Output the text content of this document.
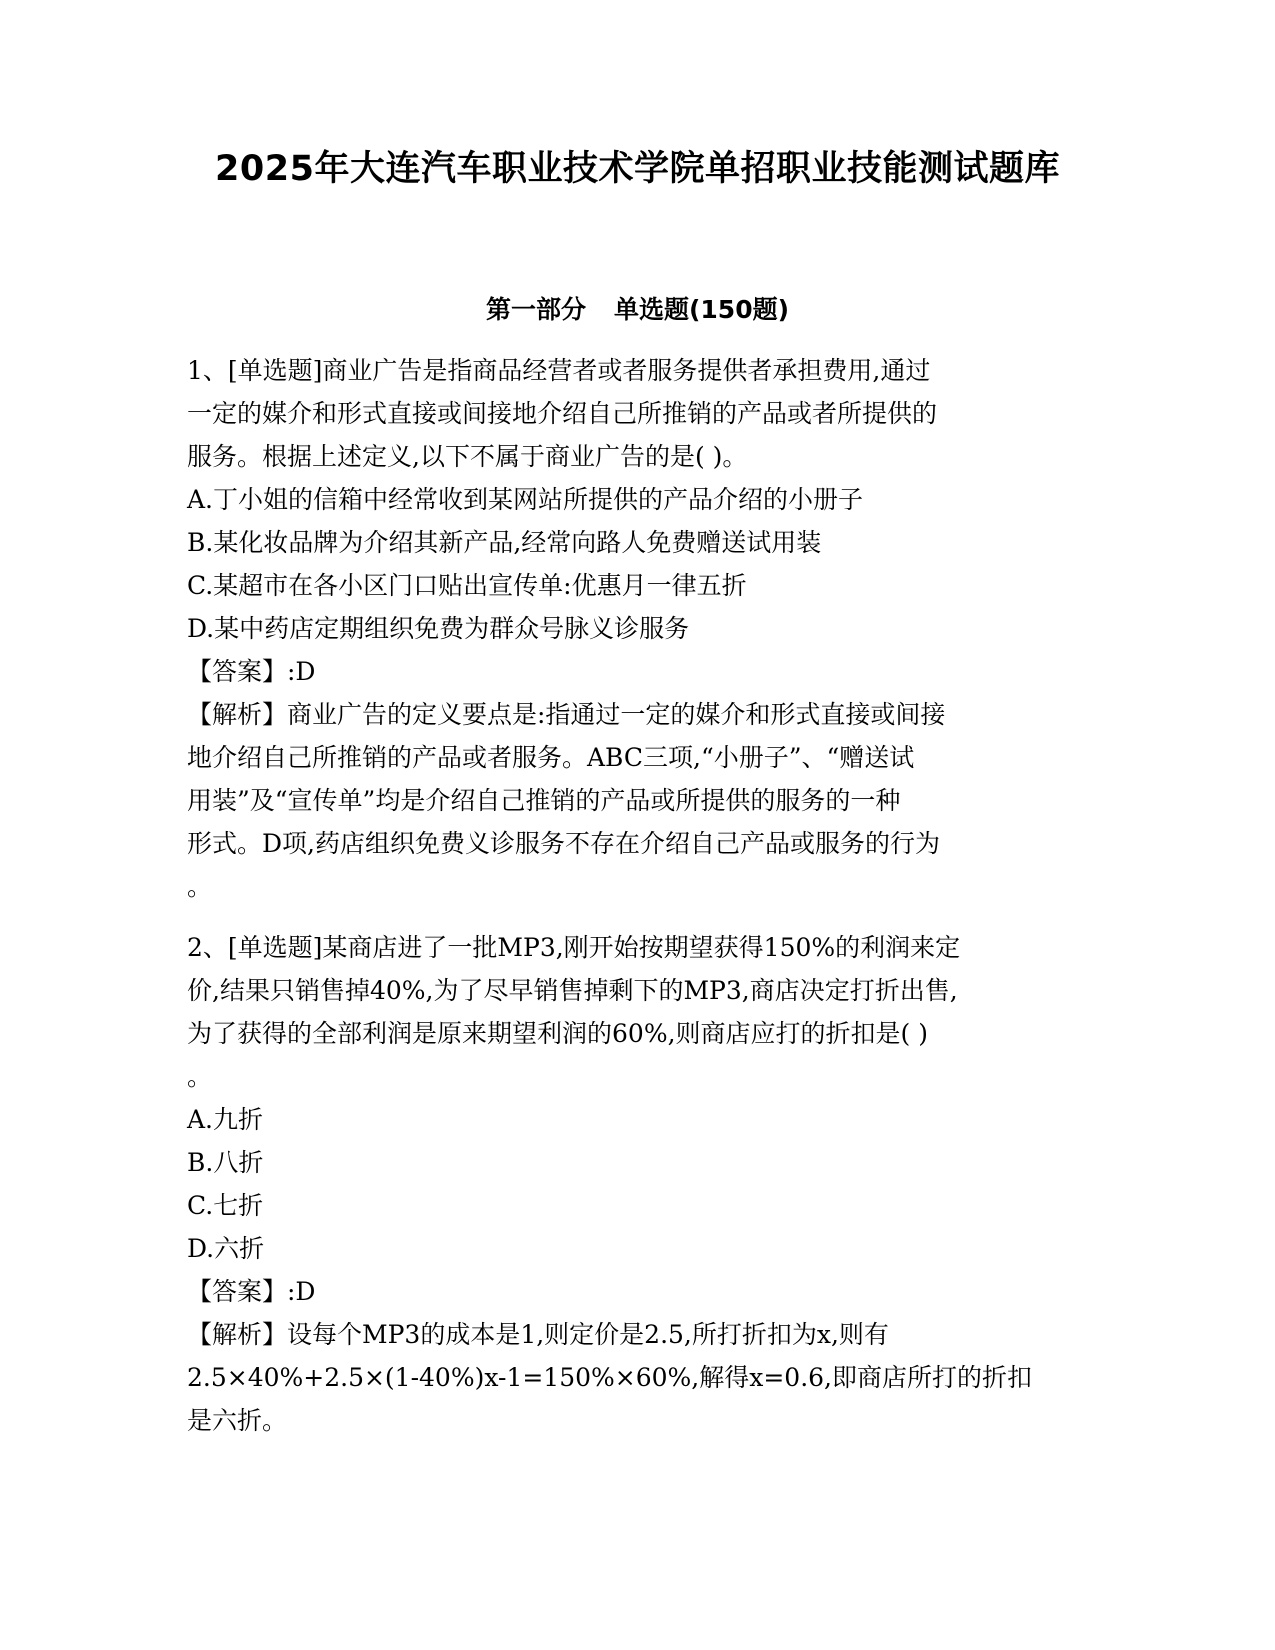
2025年大连汽车职业技术学院单招职业技能测试题库
第一部分 单选题(150题)
1、[单选题]商业广告是指商品经营者或者服务提供者承担费用,通过
一定的媒介和形式直接或间接地介绍自己所推销的产品或者所提供的
服务。根据上述定义,以下不属于商业广告的是( )。
A.丁小姐的信箱中经常收到某网站所提供的产品介绍的小册子
B.某化妆品牌为介绍其新产品,经常向路人免费赠送试用装
C.某超市在各小区门口贴出宣传单:优惠月一律五折
D.某中药店定期组织免费为群众号脉义诊服务
【答案】:D
【解析】商业广告的定义要点是:指通过一定的媒介和形式直接或间接
地介绍自己所推销的产品或者服务。ABC三项,“小册子”、“赠送试
用装”及“宣传单”均是介绍自己推销的产品或所提供的服务的一种
形式。D项,药店组织免费义诊服务不存在介绍自己产品或服务的行为
。
2、[单选题]某商店进了一批MP3,刚开始按期望获得150%的利润来定
价,结果只销售掉40%,为了尽早销售掉剩下的MP3,商店决定打折出售,
为了获得的全部利润是原来期望利润的60%,则商店应打的折扣是( )
。
A.九折
B.八折
C.七折
D.六折
【答案】:D
【解析】设每个MP3的成本是1,则定价是2.5,所打折扣为x,则有
2.5×40%+2.5×(1-40%)x-1=150%×60%,解得x=0.6,即商店所打的折扣
是六折。
